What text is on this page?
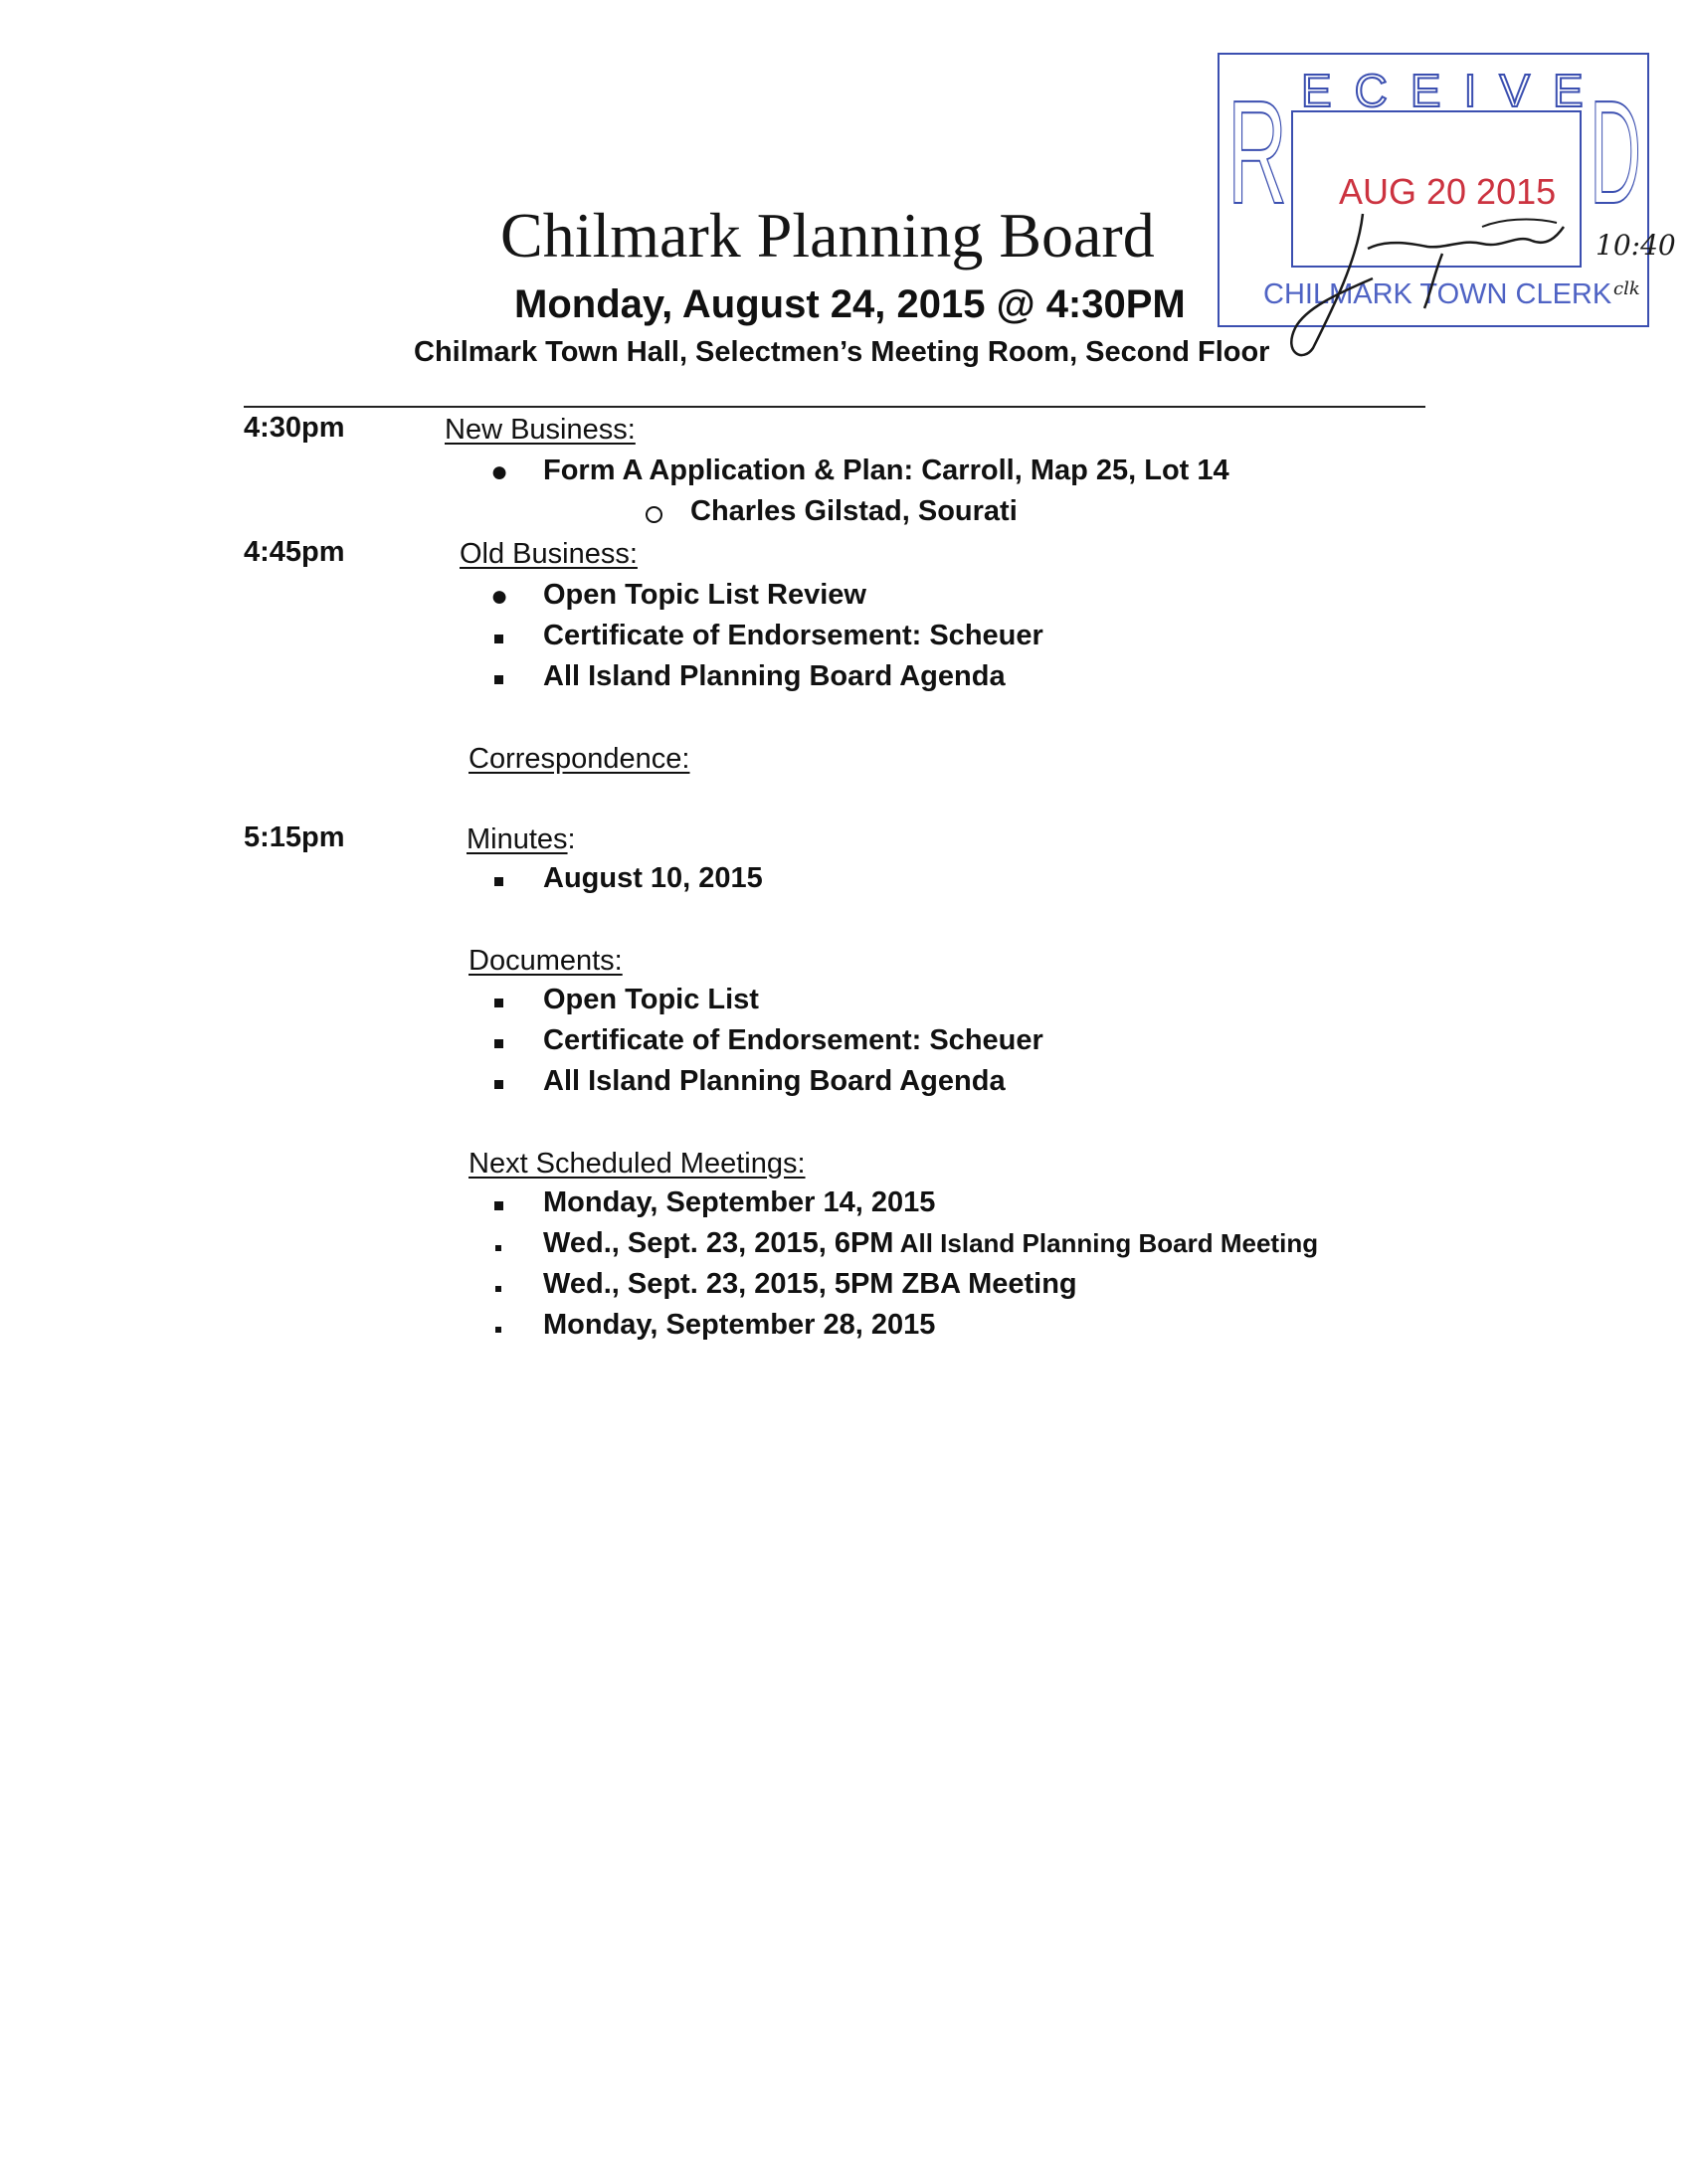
Chilmark Planning Board
Monday, August 24, 2015 @ 4:30PM
Chilmark Town Hall, Selectmen’s Meeting Room, Second Floor
R D
ECEIVE
AUG 20 2015
CHILMARK TOWN CLERK
10:40
clk
4:30pm	New Business:
● Form A Application & Plan: Carroll, Map 25, Lot 14
Charles Gilstad, Sourati
4:45pm	Old Business:
● Open Topic List Review
Certificate of Endorsement: Scheuer
All Island Planning Board Agenda
Correspondence:
5:15pm	Minutes:
August 10, 2015
Documents:
Open Topic List
Certificate of Endorsement: Scheuer
All Island Planning Board Agenda
Next Scheduled Meetings:
Monday, September 14, 2015
Wed., Sept. 23, 2015, 6PM All Island Planning Board Meeting
Wed., Sept. 23, 2015, 5PM ZBA Meeting
Monday, September 28, 2015
